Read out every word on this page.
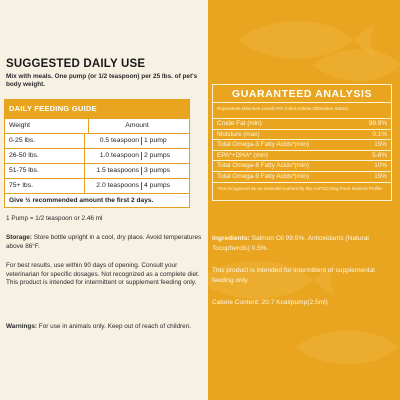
SUGGESTED DAILY USE
Mix with meals. One pump (or 1/2 teaspoon) per 25 lbs. of pet's body weight.
DAILY FEEDING GUIDE
Weight	Amount
0-25 lbs.	0.5 teaspoon 1 pump
26-50 lbs.	1.0 teaspoon 2 pumps
51-75 lbs.	1.5 teaspoons 3 pumps
75+ lbs.	2.0 teaspoons 4 pumps
Give ½ recommended amount the first 2 days.
1 Pump = 1/2 teaspoon or 2.46 ml
Storage: Store bottle upright in a cool, dry place. Avoid temperatures above 86°F.
For best results, use within 90 days of opening. Consult your veterinarian for specific dosages. Not recognized as a complete diet. This product is intended for intermittent or supplement feeding only.
Warnings: For use in animals only. Keep out of reach of children.
GUARANTEED ANALYSIS
Represents Minimum Levels Per 2.5ml Unless Otherwise Stated.
Crude Fat (min)	99.9%
Moisture (max)	0.1%
Total Omega-3 Fatty Acids*(min)	15%
EPA*+DHA* (min)	5-8%
Total Omega-6 Fatty Acids*(min)	10%
Total Omega-9 Fatty Acids*(min)	15%
*Not recognized as an essential nutrient by the AAFCO Dog Food Nutrient Profile
Ingredients: Salmon Oil 99.5%, Antioxidants (Natural Tocopherols) 0.5%.
This product is intended for intermittent or supplemental feeding only.
Calorie Content: 20.7 Kcal/pump(2.5ml)
